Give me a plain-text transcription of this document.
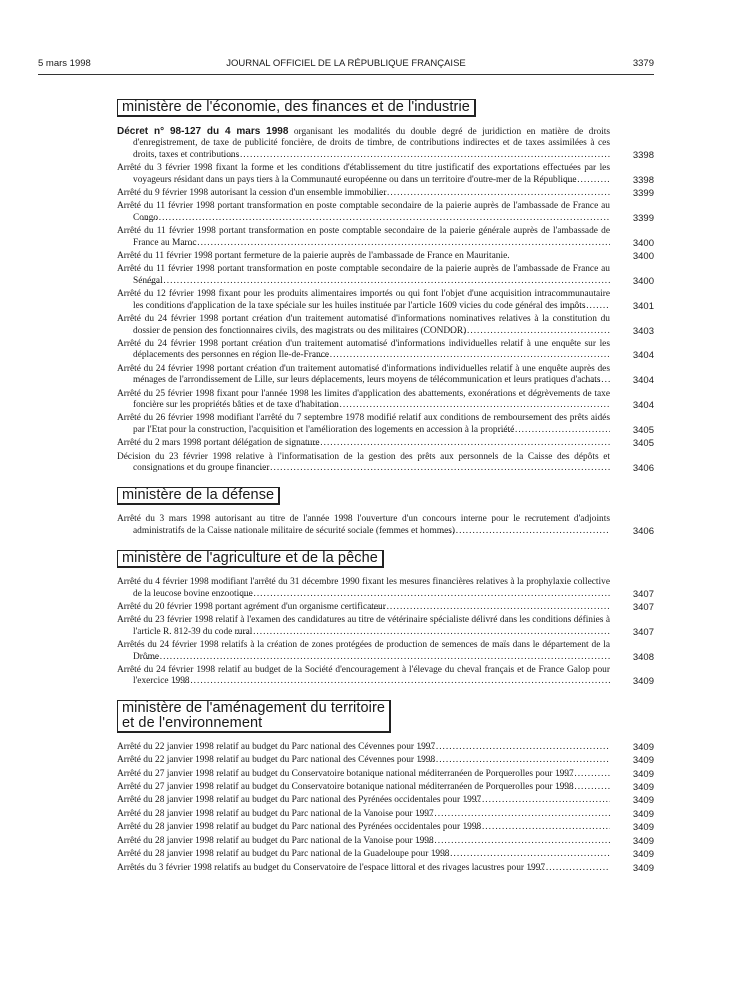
5 mars 1998	JOURNAL OFFICIEL DE LA RÉPUBLIQUE FRANÇAISE	3379
ministère de l'économie, des finances et de l'industrie
Décret n° 98-127 du 4 mars 1998 organisant les modalités du double degré de juridiction en matière de droits d'enregistrement, de taxe de publicité foncière, de droits de timbre, de contributions indirectes et de taxes assimilées à ces droits, taxes et contributions .....	3398
Arrêté du 3 février 1998 fixant la forme et les conditions d'établissement du titre justificatif des exportations effectuées par les voyageurs résidant dans un pays tiers à la Communauté européenne ou dans un territoire d'outre-mer de la République .....	3398
Arrêté du 9 février 1998 autorisant la cession d'un ensemble immobilier .....	3399
Arrêté du 11 février 1998 portant transformation en poste comptable secondaire de la paierie auprès de l'ambassade de France au Congo .....	3399
Arrêté du 11 février 1998 portant transformation en poste comptable secondaire de la paierie générale auprès de l'ambassade de France au Maroc .....	3400
Arrêté du 11 février 1998 portant fermeture de la paierie auprès de l'ambassade de France en Mauritanie.	3400
Arrêté du 11 février 1998 portant transformation en poste comptable secondaire de la paierie auprès de l'ambassade de France au Sénégal .....	3400
Arrêté du 12 février 1998 fixant pour les produits alimentaires importés ou qui font l'objet d'une acquisition intracommunautaire les conditions d'application de la taxe spéciale sur les huiles instituée par l'article 1609 vicies du code général des impôts .....	3401
Arrêté du 24 février 1998 portant création d'un traitement automatisé d'informations nominatives relatives à la constitution du dossier de pension des fonctionnaires civils, des magistrats ou des militaires (CONDOR) .....	3403
Arrêté du 24 février 1998 portant création d'un traitement automatisé d'informations individuelles relatif à une enquête sur les déplacements des personnes en région Ile-de-France .....	3404
Arrêté du 24 février 1998 portant création d'un traitement automatisé d'informations individuelles relatif à une enquête auprès des ménages de l'arrondissement de Lille, sur leurs déplacements, leurs moyens de télécommunication et leurs pratiques d'achats .....	3404
Arrêté du 25 février 1998 fixant pour l'année 1998 les limites d'application des abattements, exonérations et dégrèvements de taxe foncière sur les propriétés bâties et de taxe d'habitation .....	3404
Arrêté du 26 février 1998 modifiant l'arrêté du 7 septembre 1978 modifié relatif aux conditions de remboursement des prêts aidés par l'Etat pour la construction, l'acquisition et l'amélioration des logements en accession à la propriété .....	3405
Arrêté du 2 mars 1998 portant délégation de signature .....	3405
Décision du 23 février 1998 relative à l'informatisation de la gestion des prêts aux personnels de la Caisse des dépôts et consignations et du groupe financier .....	3406
ministère de la défense
Arrêté du 3 mars 1998 autorisant au titre de l'année 1998 l'ouverture d'un concours interne pour le recrutement d'adjoints administratifs de la Caisse nationale militaire de sécurité sociale (femmes et hommes) .....	3406
ministère de l'agriculture et de la pêche
Arrêté du 4 février 1998 modifiant l'arrêté du 31 décembre 1990 fixant les mesures financières relatives à la prophylaxie collective de la leucose bovine enzootique .....	3407
Arrêté du 20 février 1998 portant agrément d'un organisme certificateur .....	3407
Arrêté du 23 février 1998 relatif à l'examen des candidatures au titre de vétérinaire spécialiste délivré dans les conditions définies à l'article R. 812-39 du code rural .....	3407
Arrêtés du 24 février 1998 relatifs à la création de zones protégées de production de semences de maïs dans le département de la Drôme .....	3408
Arrêté du 24 février 1998 relatif au budget de la Société d'encouragement à l'élevage du cheval français et de France Galop pour l'exercice 1998 .....	3409
ministère de l'aménagement du territoire
et de l'environnement
Arrêté du 22 janvier 1998 relatif au budget du Parc national des Cévennes pour 1997 .....	3409
Arrêté du 22 janvier 1998 relatif au budget du Parc national des Cévennes pour 1998 .....	3409
Arrêté du 27 janvier 1998 relatif au budget du Conservatoire botanique national méditerranéen de Porquerolles pour 1997 .....	3409
Arrêté du 27 janvier 1998 relatif au budget du Conservatoire botanique national méditerranéen de Porquerolles pour 1998 .....	3409
Arrêté du 28 janvier 1998 relatif au budget du Parc national des Pyrénées occidentales pour 1997 .....	3409
Arrêté du 28 janvier 1998 relatif au budget du Parc national de la Vanoise pour 1997 .....	3409
Arrêté du 28 janvier 1998 relatif au budget du Parc national des Pyrénées occidentales pour 1998 .....	3409
Arrêté du 28 janvier 1998 relatif au budget du Parc national de la Vanoise pour 1998 .....	3409
Arrêté du 28 janvier 1998 relatif au budget du Parc national de la Guadeloupe pour 1998 .....	3409
Arrêtés du 3 février 1998 relatifs au budget du Conservatoire de l'espace littoral et des rivages lacustres pour 1997 .....	3409
